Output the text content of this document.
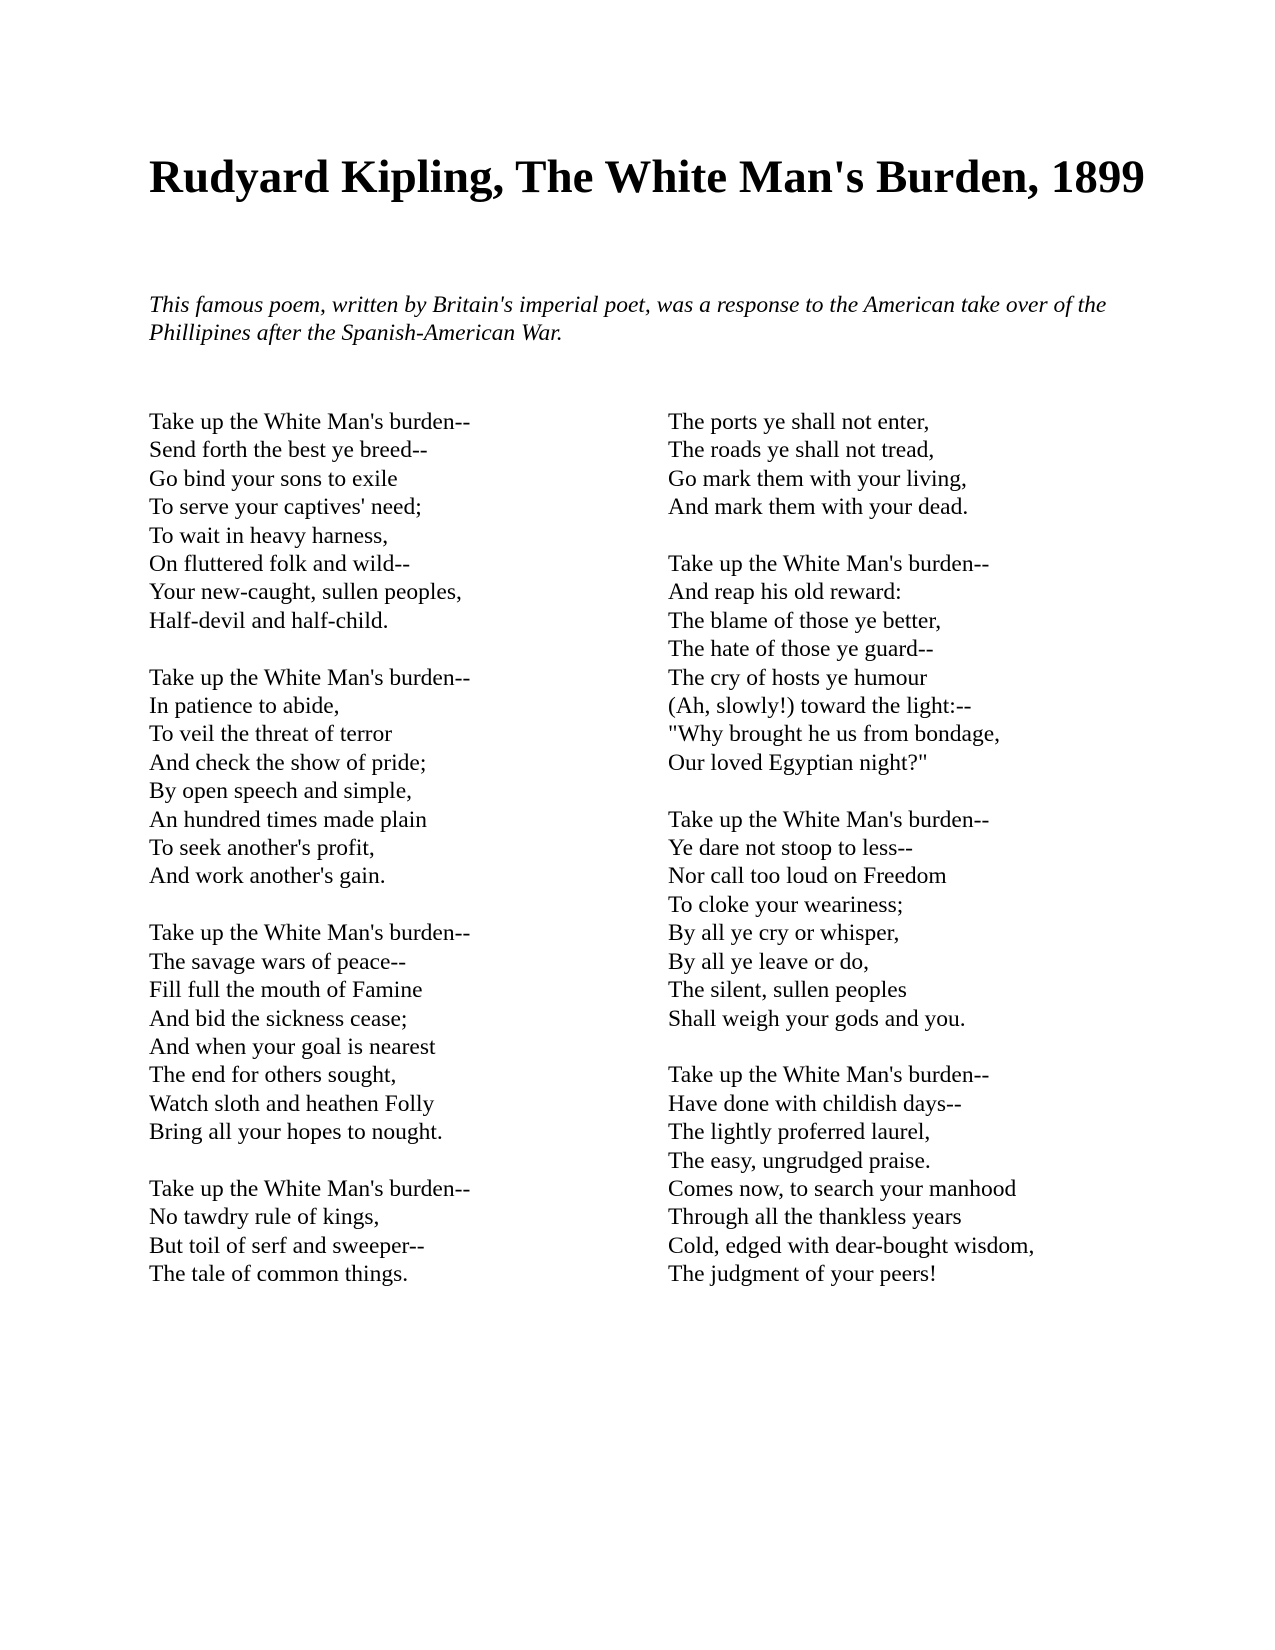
Rudyard Kipling, The White Man's Burden, 1899

This famous poem, written by Britain's imperial poet, was a response to the American take over of the Phillipines after the Spanish-American War.

Take up the White Man's burden--
Send forth the best ye breed--
Go bind your sons to exile
To serve your captives' need;
To wait in heavy harness,
On fluttered folk and wild--
Your new-caught, sullen peoples,
Half-devil and half-child.
Take up the White Man's burden--
In patience to abide,
To veil the threat of terror
And check the show of pride;
By open speech and simple,
An hundred times made plain
To seek another's profit,
And work another's gain.
Take up the White Man's burden--
The savage wars of peace--
Fill full the mouth of Famine
And bid the sickness cease;
And when your goal is nearest
The end for others sought,
Watch sloth and heathen Folly
Bring all your hopes to nought.
Take up the White Man's burden--
No tawdry rule of kings,
But toil of serf and sweeper--
The tale of common things.
The ports ye shall not enter,
The roads ye shall not tread,
Go mark them with your living,
And mark them with your dead.
Take up the White Man's burden--
And reap his old reward:
The blame of those ye better,
The hate of those ye guard--
The cry of hosts ye humour
(Ah, slowly!) toward the light:--
"Why brought he us from bondage,
Our loved Egyptian night?"
Take up the White Man's burden--
Ye dare not stoop to less--
Nor call too loud on Freedom
To cloke your weariness;
By all ye cry or whisper,
By all ye leave or do,
The silent, sullen peoples
Shall weigh your gods and you.
Take up the White Man's burden--
Have done with childish days--
The lightly proferred laurel,
The easy, ungrudged praise.
Comes now, to search your manhood
Through all the thankless years
Cold, edged with dear-bought wisdom,
The judgment of your peers!
